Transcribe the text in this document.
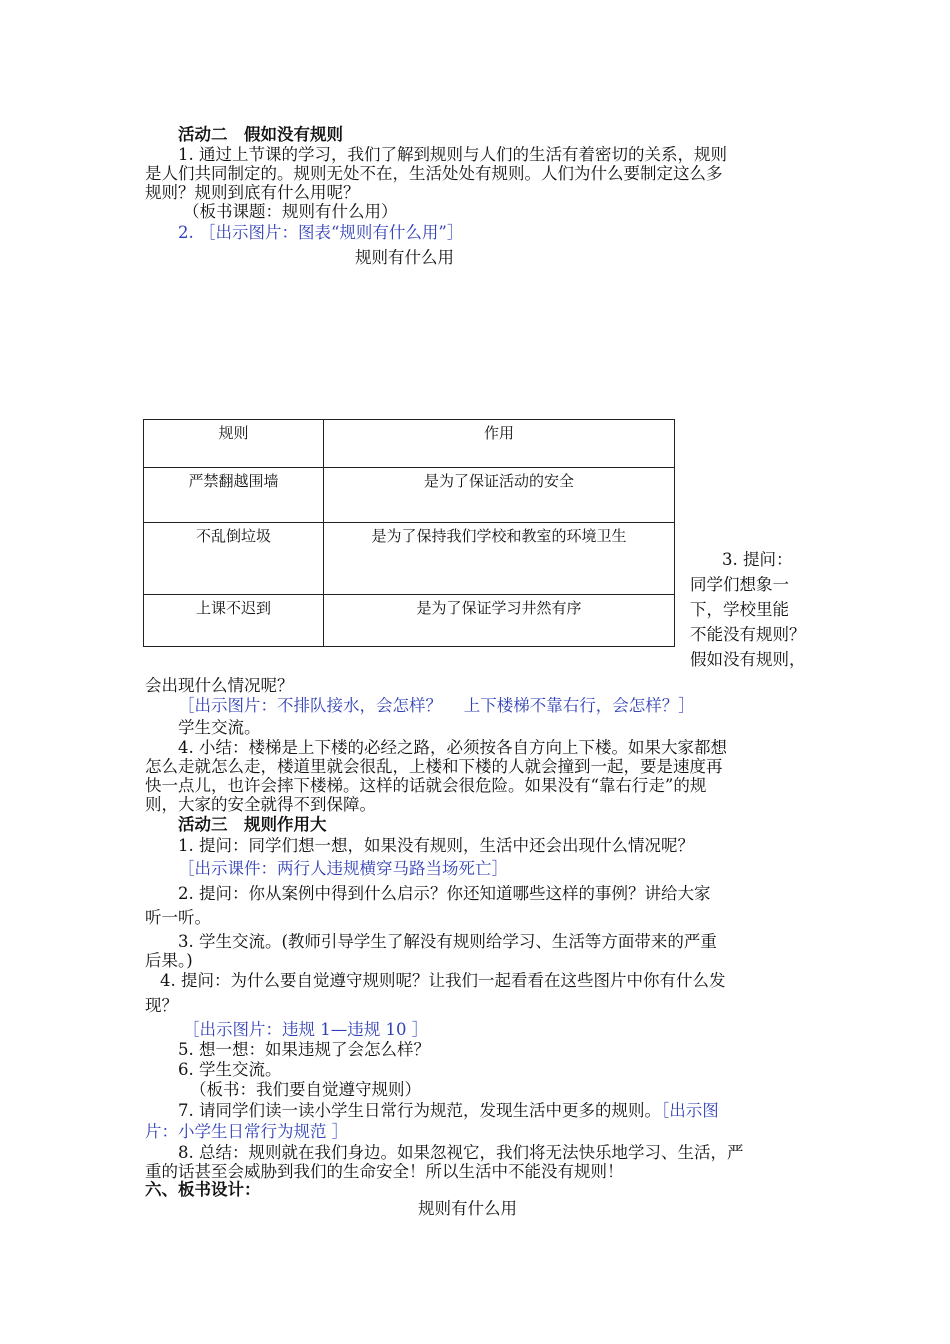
活动二　假如没有规则
1. 通过上节课的学习，我们了解到规则与人们的生活有着密切的关系，规则
是人们共同制定的。规则无处不在，生活处处有规则。人们为什么要制定这么多
规则？规则到底有什么用呢？
（板书课题：规则有什么用）
2. ［出示图片：图表“规则有什么用”］
规则有什么用
规则	作用
严禁翻越围墙	是为了保证活动的安全
不乱倒垃圾	是为了保持我们学校和教室的环境卫生
上课不迟到	是为了保证学习井然有序
3. 提问：
同学们想象一
下，学校里能
不能没有规则？
假如没有规则，
会出现什么情况呢？
［出示图片：不排队接水，会怎样？　 上下楼梯不靠右行，会怎样？］
学生交流。
4. 小结：楼梯是上下楼的必经之路，必须按各自方向上下楼。如果大家都想
怎么走就怎么走，楼道里就会很乱，上楼和下楼的人就会撞到一起，要是速度再
快一点儿，也许会摔下楼梯。这样的话就会很危险。如果没有“靠右行走”的规
则，大家的安全就得不到保障。
活动三　规则作用大
1. 提问：同学们想一想，如果没有规则，生活中还会出现什么情况呢？
［出示课件：两行人违规横穿马路当场死亡］
2. 提问：你从案例中得到什么启示？你还知道哪些这样的事例？讲给大家
听一听。
3. 学生交流。(教师引导学生了解没有规则给学习、生活等方面带来的严重
后果。)
4. 提问：为什么要自觉遵守规则呢？让我们一起看看在这些图片中你有什么发
现？
［出示图片：违规 1—违规 10 ］
5. 想一想：如果违规了会怎么样？
6. 学生交流。
（板书：我们要自觉遵守规则）
7. 请同学们读一读小学生日常行为规范，发现生活中更多的规则。［出示图
片：小学生日常行为规范 ］
8. 总结：规则就在我们身边。如果忽视它，我们将无法快乐地学习、生活，严
重的话甚至会威胁到我们的生命安全！所以生活中不能没有规则！
六、板书设计：
规则有什么用
